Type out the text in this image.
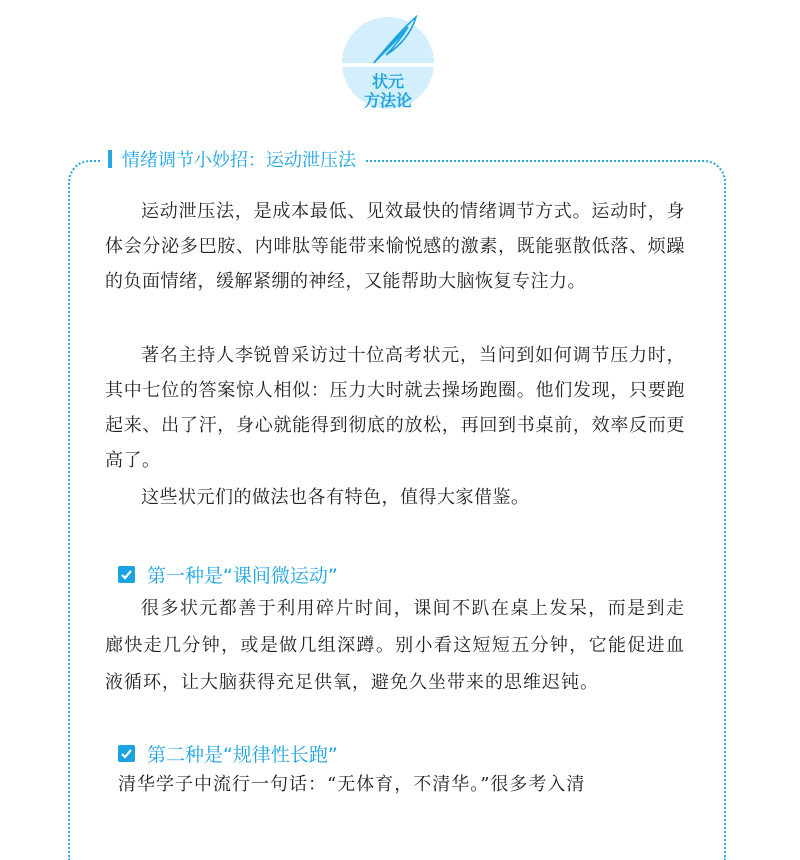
状元
方法论
情绪调节小妙招：运动泄压法

运动泄压法，是成本最低、见效最快的情绪调节方式。运动时，身体会分泌多巴胺、内啡肽等能带来愉悦感的激素，既能驱散低落、烦躁的负面情绪，缓解紧绷的神经，又能帮助大脑恢复专注力。

著名主持人李锐曾采访过十位高考状元，当问到如何调节压力时，其中七位的答案惊人相似：压力大时就去操场跑圈。他们发现，只要跑起来、出了汗，身心就能得到彻底的放松，再回到书桌前，效率反而更高了。

这些状元们的做法也各有特色，值得大家借鉴。

第一种是“课间微运动”

很多状元都善于利用碎片时间，课间不趴在桌上发呆，而是到走廊快走几分钟，或是做几组深蹲。别小看这短短五分钟，它能促进血液循环，让大脑获得充足供氧，避免久坐带来的思维迟钝。

第二种是“规律性长跑”

清华学子中流行一句话：“无体育，不清华。”很多考入清
